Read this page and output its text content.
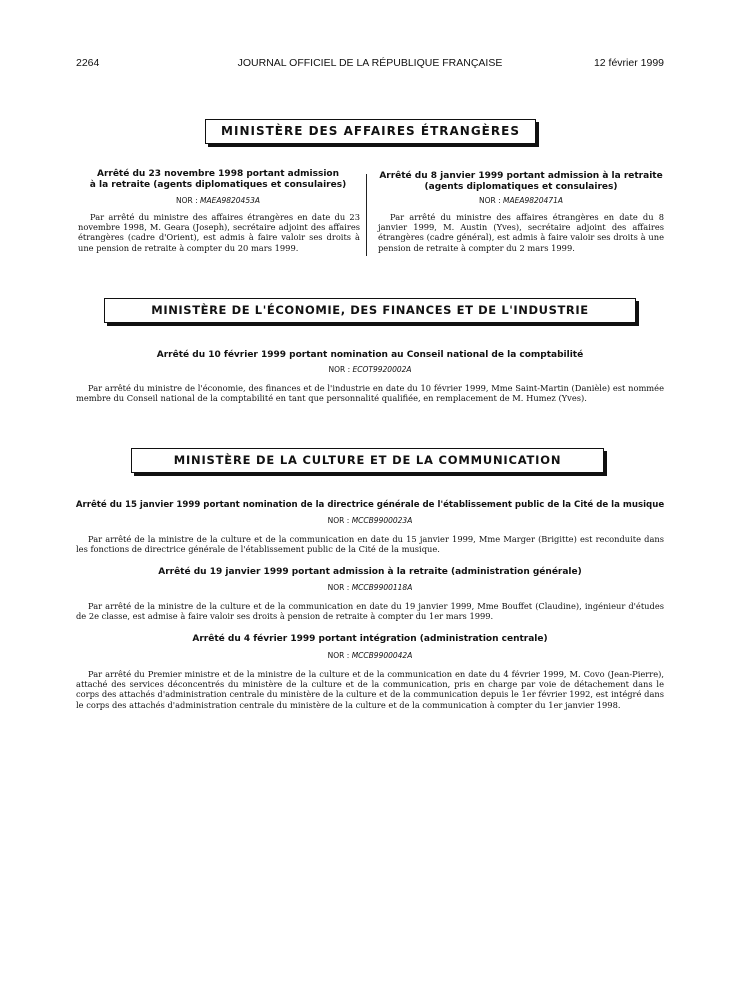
2264	JOURNAL OFFICIEL DE LA RÉPUBLIQUE FRANÇAISE	12 février 1999
MINISTÈRE DES AFFAIRES ÉTRANGÈRES
Arrêté du 23 novembre 1998 portant admission
à la retraite (agents diplomatiques et consulaires)
NOR : MAEA9820453A
Par arrêté du ministre des affaires étrangères en date du 23 novembre 1998, M. Geara (Joseph), secrétaire adjoint des affaires étrangères (cadre d'Orient), est admis à faire valoir ses droits à une pension de retraite à compter du 20 mars 1999.
Arrêté du 8 janvier 1999 portant admission à la retraite
(agents diplomatiques et consulaires)
NOR : MAEA9820471A
Par arrêté du ministre des affaires étrangères en date du 8 janvier 1999, M. Austin (Yves), secrétaire adjoint des affaires étrangères (cadre général), est admis à faire valoir ses droits à une pension de retraite à compter du 2 mars 1999.
MINISTÈRE DE L'ÉCONOMIE, DES FINANCES ET DE L'INDUSTRIE
Arrêté du 10 février 1999 portant nomination au Conseil national de la comptabilité
NOR : ECOT9920002A
Par arrêté du ministre de l'économie, des finances et de l'industrie en date du 10 février 1999, Mme Saint-Martin (Danièle) est nommée membre du Conseil national de la comptabilité en tant que personnalité qualifiée, en remplacement de M. Humez (Yves).
MINISTÈRE DE LA CULTURE ET DE LA COMMUNICATION
Arrêté du 15 janvier 1999 portant nomination de la directrice générale de l'établissement public de la Cité de la musique
NOR : MCCB9900023A
Par arrêté de la ministre de la culture et de la communication en date du 15 janvier 1999, Mme Marger (Brigitte) est reconduite dans les fonctions de directrice générale de l'établissement public de la Cité de la musique.
Arrêté du 19 janvier 1999 portant admission à la retraite (administration générale)
NOR : MCCB9900118A
Par arrêté de la ministre de la culture et de la communication en date du 19 janvier 1999, Mme Bouffet (Claudine), ingénieur d'études de 2e classe, est admise à faire valoir ses droits à pension de retraite à compter du 1er mars 1999.
Arrêté du 4 février 1999 portant intégration (administration centrale)
NOR : MCCB9900042A
Par arrêté du Premier ministre et de la ministre de la culture et de la communication en date du 4 février 1999, M. Covo (Jean-Pierre), attaché des services déconcentrés du ministère de la culture et de la communication, pris en charge par voie de détachement dans le corps des attachés d'administration centrale du ministère de la culture et de la communication depuis le 1er février 1992, est intégré dans le corps des attachés d'administration centrale du ministère de la culture et de la communication à compter du 1er janvier 1998.
